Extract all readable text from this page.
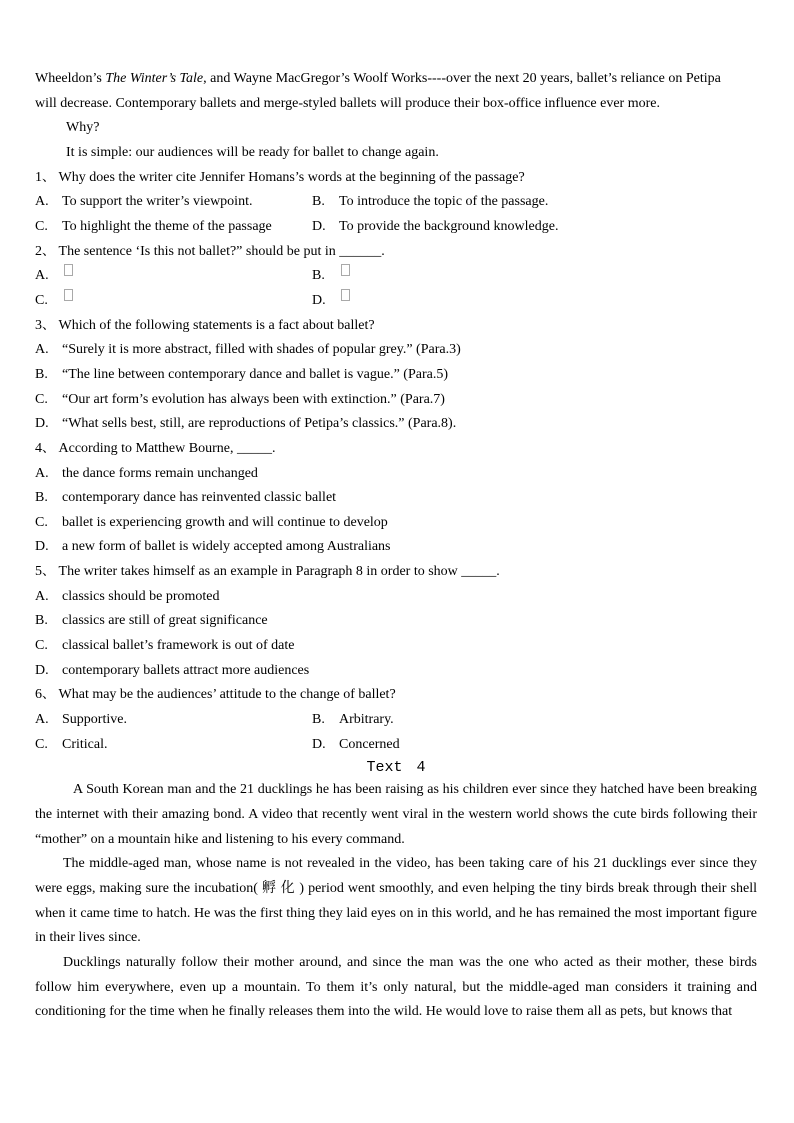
Wheeldon’s The Winter’s Tale, and Wayne MacGregor’s Woolf Works----over the next 20 years, ballet’s reliance on Petipa

will decrease. Contemporary ballets and merge-styled ballets will produce their box-office influence ever more.

Why?

It is simple: our audiences will be ready for ballet to change again.

1、 Why does the writer cite Jennifer Homans’s words at the beginning of the passage?
A. To support the writer’s viewpoint.	B.	To introduce the topic of the passage.
C.	To highlight the theme of the passage	D. To provide the background knowledge.
2、 The sentence ‘Is this not ballet?” should be put in ______.
A.	B.
C.	D.
3、 Which of the following statements is a fact about ballet?
A. “Surely it is more abstract, filled with shades of popular grey.” (Para.3)
B.	“The line between contemporary dance and ballet is vague.” (Para.5)
C.	“Our art form’s evolution has always been with extinction.” (Para.7)
D. “What sells best, still, are reproductions of Petipa’s classics.” (Para.8).
4、 According to Matthew Bourne, _____.
A. the dance forms remain unchanged
B.	contemporary dance has reinvented classic ballet
C.	ballet is experiencing growth and will continue to develop
D. a new form of ballet is widely accepted among Australians
5、 The writer takes himself as an example in Paragraph 8 in order to show _____.
A. classics should be promoted
B.	classics are still of great significance
C.	classical ballet’s framework is out of date
D. contemporary ballets attract more audiences
6、 What may be the audiences’ attitude to the change of ballet?
A. Supportive.	B.	Arbitrary.
C.	Critical.	D. Concerned
Text 4

A South Korean man and the 21 ducklings he has been raising as his children ever since they hatched have been breaking the internet with their amazing bond. A video that recently went viral in the western world shows the cute birds following their “mother” on a mountain hike and listening to his every command.

The middle-aged man, whose name is not revealed in the video, has been taking care of his 21 ducklings ever since they were eggs, making sure the incubation( 孵 化 ) period went smoothly, and even helping the tiny birds break through their shell when it came time to hatch. He was the first thing they laid eyes on in this world, and he has remained the most important figure in their lives since.

Ducklings naturally follow their mother around, and since the man was the one who acted as their mother, these birds follow him everywhere, even up a mountain. To them it’s only natural, but the middle-aged man considers it training and conditioning for the time when he finally releases them into the wild. He would love to raise them all as pets, but knows that
